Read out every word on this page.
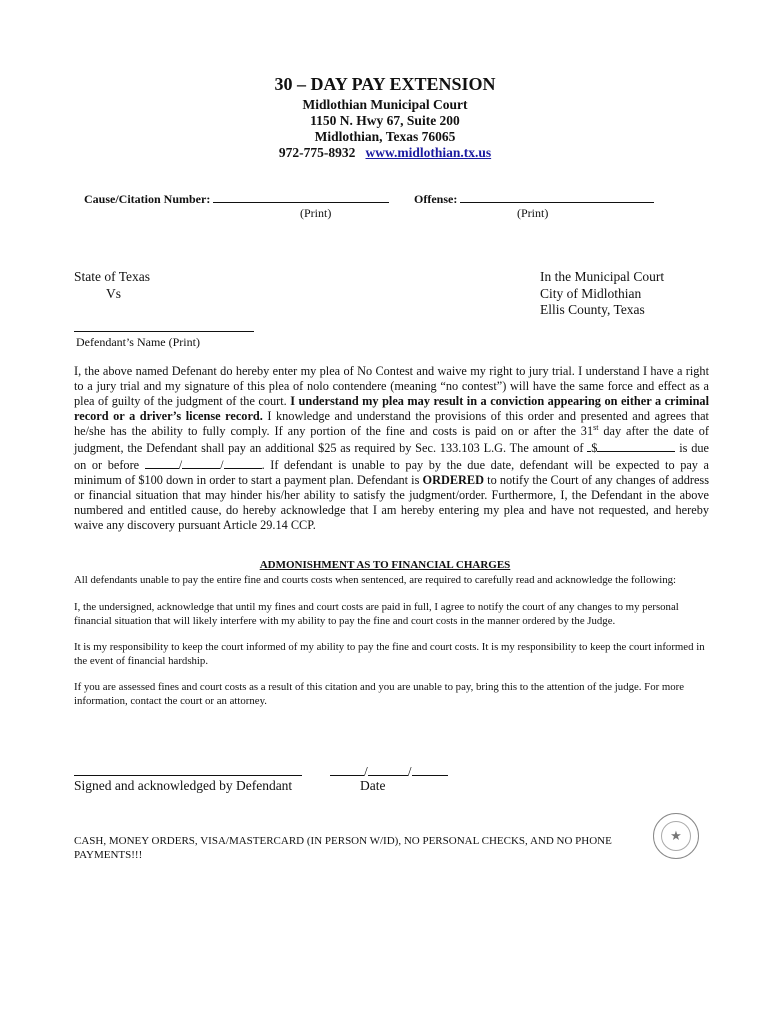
30 – DAY PAY EXTENSION
Midlothian Municipal Court
1150 N. Hwy 67, Suite 200
Midlothian, Texas 76065
972-775-8932 www.midlothian.tx.us
Cause/Citation Number:
(Print)
Offense:
(Print)
State of Texas
Vs
In the Municipal Court
City of Midlothian
Ellis County, Texas
Defendant’s Name (Print)

I, the above named Defenant do hereby enter my plea of No Contest and waive my right to jury trial. I understand I have a right to a jury trial and my signature of this plea of nolo contendere (meaning “no contest”) will have the same force and effect as a plea of guilty of the judgment of the court. I understand my plea may result in a conviction appearing on either a criminal record or a driver’s license record. I knowledge and understand the provisions of this order and presented and agrees that he/she has the ability to fully comply. If any portion of the fine and costs is paid on or after the 31st day after the date of judgment, the Defendant shall pay an additional $25 as required by Sec. 133.103 L.G. The amount of $	is due on or before	/	/	. If defendant is unable to pay by the due date, defendant will be expected to pay a minimum of $100 down in order to start a payment plan. Defendant is ORDERED to notify the Court of any changes of address or financial situation that may hinder his/her ability to satisfy the judgment/order. Furthermore, I, the Defendant in the above numbered and entitled cause, do hereby acknowledge that I am hereby entering my plea and have not requested, and hereby waive any discovery pursuant Article 29.14 CCP.

ADMONISHMENT AS TO FINANCIAL CHARGES

All defendants unable to pay the entire fine and courts costs when sentenced, are required to carefully read and acknowledge the following:

I, the undersigned, acknowledge that until my fines and court costs are paid in full, I agree to notify the court of any changes to my personal financial situation that will likely interfere with my ability to pay the fine and court costs in the manner ordered by the Judge.

It is my responsibility to keep the court informed of my ability to pay the fine and court costs. It is my responsibility to keep the court informed in the event of financial hardship.

If you are assessed fines and court costs as a result of this citation and you are unable to pay, bring this to the attention of the judge. For more information, contact the court or an attorney.

Signed and acknowledged by Defendant
/	/
Date

CASH, MONEY ORDERS, VISA/MASTERCARD (IN PERSON W/ID), NO PERSONAL CHECKS, AND NO PHONE PAYMENTS!!!

★
